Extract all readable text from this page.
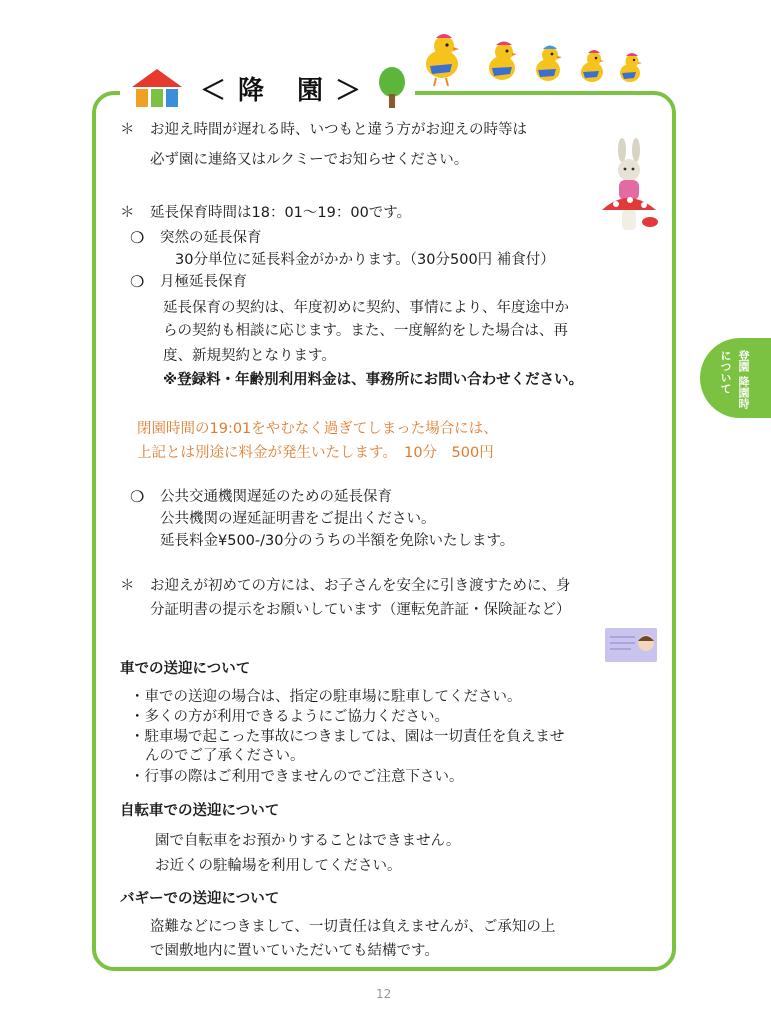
＜降 園＞
登園 降園時
について
＊ お迎え時間が遅れる時、いつもと違う方がお迎えの時等は
必ず園に連絡又はルクミーでお知らせください。
＊ 延長保育時間は18：01～19：00です。
❍ 突然の延長保育
30分単位に延長料金がかかります。（30分500円 補食付）
❍ 月極延長保育
延長保育の契約は、年度初めに契約、事情により、年度途中か
らの契約も相談に応じます。また、一度解約をした場合は、再
度、新規契約となります。
※登録料・年齢別利用料金は、事務所にお問い合わせください。
閉園時間の19:01をやむなく過ぎてしまった場合には、
上記とは別途に料金が発生いたします。　10分　500円
❍ 公共交通機関遅延のための延長保育
公共機関の遅延証明書をご提出ください。
延長料金¥500-/30分のうちの半額を免除いたします。
＊ お迎えが初めての方には、お子さんを安全に引き渡すために、身
分証明書の提示をお願いしています（運転免許証・保険証など）
車での送迎について
・車での送迎の場合は、指定の駐車場に駐車してください。
・多くの方が利用できるようにご協力ください。
・駐車場で起こった事故につきましては、園は一切責任を負えませ
んのでご了承ください。
・行事の際はご利用できませんのでご注意下さい。
自転車での送迎について
園で自転車をお預かりすることはできません。
お近くの駐輪場を利用してください。
バギーでの送迎について
盗難などにつきまして、一切責任は負えませんが、ご承知の上
で園敷地内に置いていただいても結構です。
12
